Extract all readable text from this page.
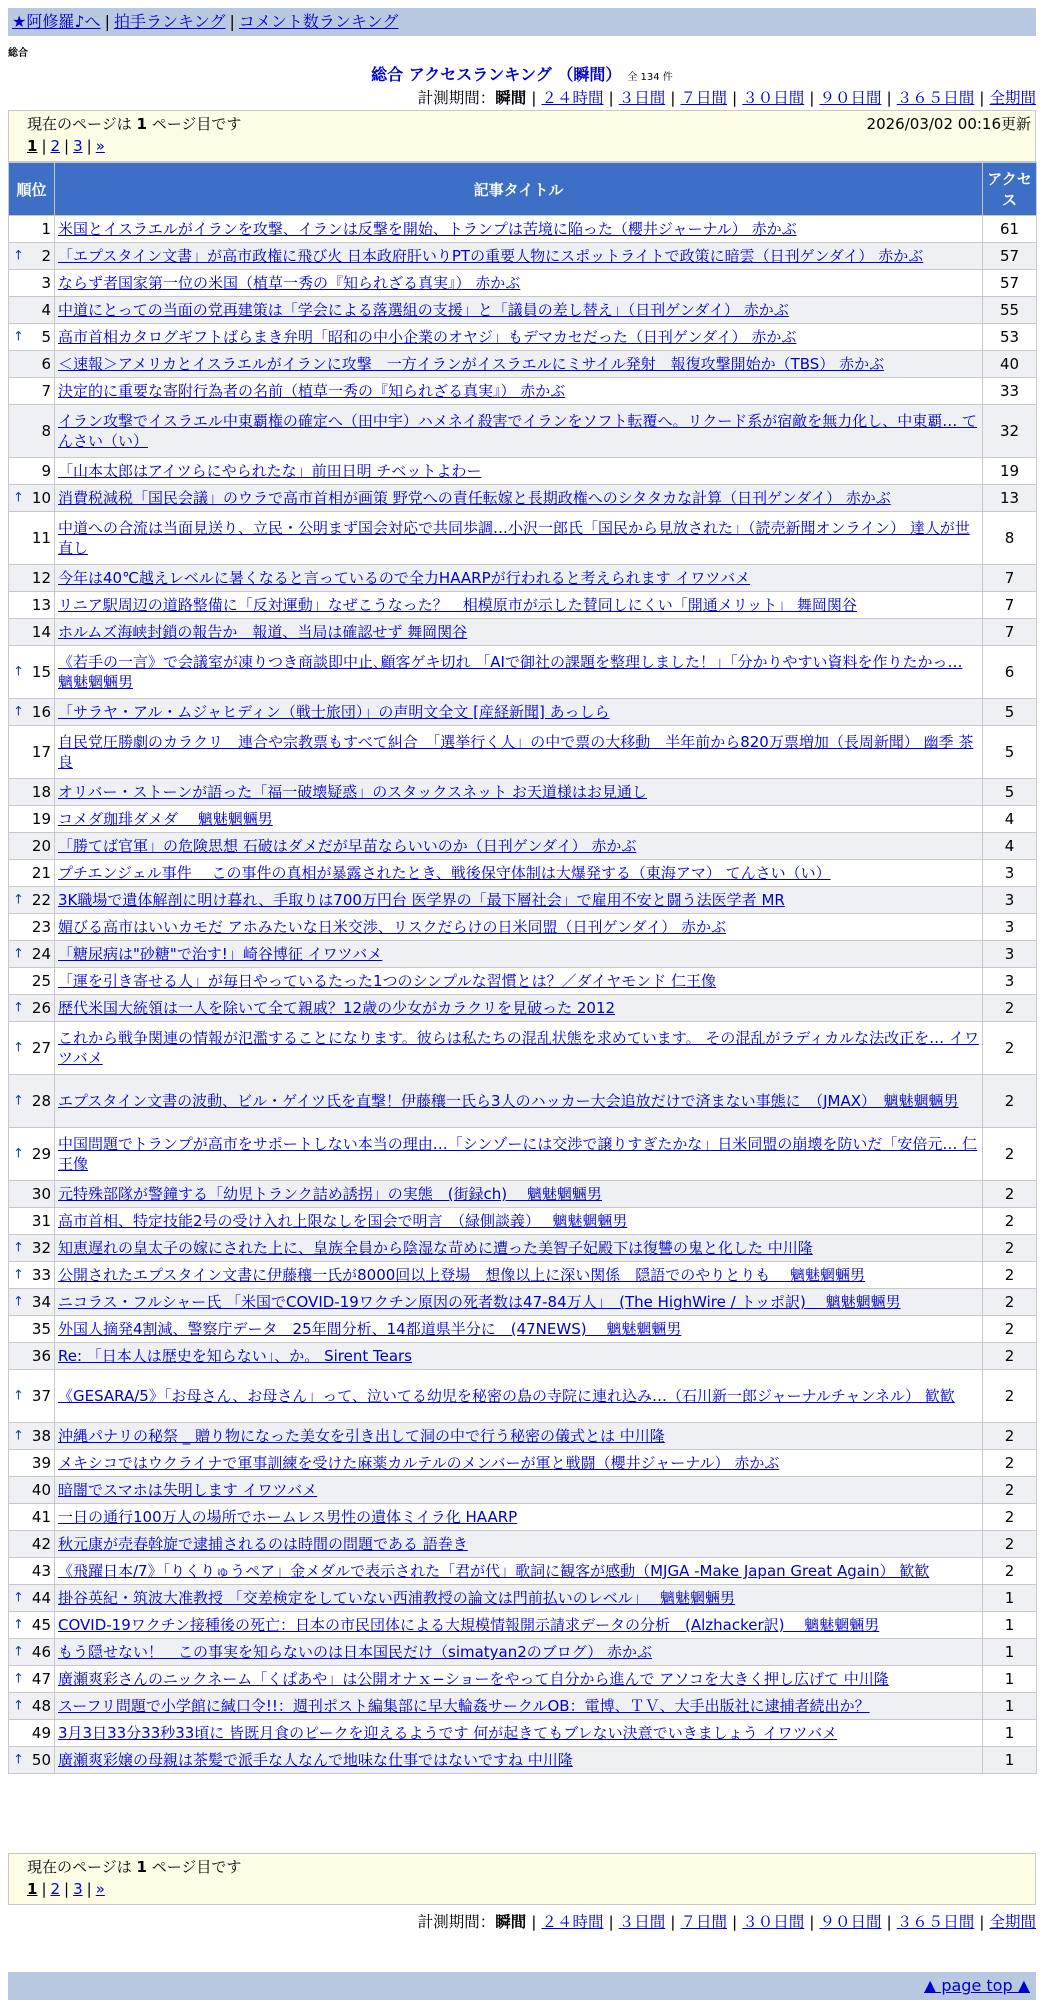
★阿修羅♪へ | 拍手ランキング | コメント数ランキング
総合
総合 アクセスランキング （瞬間） 全 134 件
計測期間：瞬間 | ２４時間 | ３日間 | ７日間 | ３０日間 | ９０日間 | ３６５日間 | 全期間
現在のページは 1 ページ目です	2026/03/02 00:16更新
1 | 2 | 3 | »
順位	記事タイトル	アクセス
1	米国とイスラエルがイランを攻撃、イランは反撃を開始、トランプは苦境に陥った（櫻井ジャーナル） 赤かぶ	61

↑ 2	「エプスタイン文書」が高市政権に飛び火 日本政府肝いりPTの重要人物にスポットライトで政策に暗雲（日刊ゲンダイ） 赤かぶ	57
3	ならず者国家第一位の米国（植草一秀の『知られざる真実』） 赤かぶ	57
4	中道にとっての当面の党再建策は「学会による落選組の支援」と「議員の差し替え」（日刊ゲンダイ） 赤かぶ	55

↑ 5	高市首相カタログギフトばらまき弁明「昭和の中小企業のオヤジ」もデマカセだった（日刊ゲンダイ） 赤かぶ	53
6	＜速報＞アメリカとイスラエルがイランに攻撃　一方イランがイスラエルにミサイル発射　報復攻撃開始か（TBS） 赤かぶ	40
7	決定的に重要な寄附行為者の名前（植草一秀の『知られざる真実』） 赤かぶ	33
8	イラン攻撃でイスラエル中東覇権の確定へ（田中宇）ハメネイ殺害でイランをソフト転覆へ。リクード系が宿敵を無力化し、中東覇… てんさい（い）	32
9	「山本太郎はアイツらにやられたな」前田日明 チベットよわー	19

↑ 10	消費税減税「国民会議」のウラで高市首相が画策 野党への責任転嫁と長期政権へのシタタカな計算（日刊ゲンダイ） 赤かぶ	13
11	中道への合流は当面見送り、立民・公明まず国会対応で共同歩調…小沢一郎氏「国民から見放された」（読売新聞オンライン） 達人が世直し	8
12	今年は40℃越えレベルに暑くなると言っているので全力HAARPが行われると考えられます イワツバメ	7
13	リニア駅周辺の道路整備に「反対運動」なぜこうなった？　相模原市が示した賛同しにくい「開通メリット」 舞岡関谷	7
14	ホルムズ海峡封鎖の報告か　報道、当局は確認せず 舞岡関谷	7

↑ 15	《若手の一言》で会議室が凍りつき商談即中止､顧客ゲキ切れ 「AIで御社の課題を整理しました！｣「分かりやすい資料を作りたかっ… 魑魅魍魎男	6

↑ 16	「サラヤ・アル・ムジャヒディン（戦士旅団）」の声明文全文 [産経新聞] あっしら	5
17	自民党圧勝劇のカラクリ　連合や宗教票もすべて糾合　「選挙行く人」の中で票の大移動　半年前から820万票増加（長周新聞） 幽季 茶良	5
18	オリバー・ストーンが語った「福一破壊疑惑」のスタックスネット お天道様はお見通し	5
19	コメダ珈琲ダメダ　 魑魅魍魎男	4
20	「勝てば官軍」の危険思想 石破はダメだが早苗ならいいのか（日刊ゲンダイ） 赤かぶ	4
21	プチエンジェル事件　 この事件の真相が暴露されたとき、戦後保守体制は大爆発する（東海アマ） てんさい（い）	3

↑ 22	3K職場で遺体解剖に明け暮れ、手取りは700万円台 医学界の「最下層社会」で雇用不安と闘う法医学者 MR	3
23	媚びる高市はいいカモだ アホみたいな日米交渉、リスクだらけの日米同盟（日刊ゲンダイ） 赤かぶ	3

↑ 24	「糖尿病は"砂糖"で治す!」崎谷博征 イワツバメ	3
25	「運を引き寄せる人」が毎日やっているたった1つのシンプルな習慣とは？／ダイヤモンド 仁王像	3

↑ 26	歴代米国大統領は一人を除いて全て親戚？12歳の少女がカラクリを見破った 2012	2

↑ 27	これから戦争関連の情報が氾濫することになります。彼らは私たちの混乱状態を求めています。 その混乱がラディカルな法改正を… イワツバメ	2

↑ 28	エプスタイン文書の波動、ビル・ゲイツ氏を直撃！伊藤穰一氏ら3人のハッカー大会追放だけで済まない事態に　（JMAX）　魑魅魍魎男	2

↑ 29	中国問題でトランプが高市をサポートしない本当の理由…「シンゾーには交渉で譲りすぎたかな」日米同盟の崩壊を防いだ「安倍元… 仁王像	2
30	元特殊部隊が警鐘する「幼児トランク詰め誘拐」の実態　(街録ch)　 魑魅魍魎男	2
31	高市首相、特定技能2号の受け入れ上限なしを国会で明言　（緑側談義）　 魑魅魍魎男	2

↑ 32	知恵遅れの皇太子の嫁にされた上に、皇族全員から陰湿な苛めに遭った美智子妃殿下は復讐の鬼と化した 中川隆	2

↑ 33	公開されたエプスタイン文書に伊藤穰一氏が8000回以上登場　想像以上に深い関係　隠語でのやりとりも　 魑魅魍魎男	2

↑ 34	ニコラス・フルシャー氏 「米国でCOVID-19ワクチン原因の死者数は47-84万人」　(The HighWire / トッポ訳)　 魑魅魍魎男	2
35	外国人摘発4割減、警察庁データ　25年間分析、14都道県半分に　(47NEWS)　 魑魅魍魎男	2
36	Re: 「日本人は歴史を知らない」、か。 Sirent Tears	2

↑ 37	《GESARA/5》「お母さん、お母さん」って、泣いてる幼児を秘密の島の寺院に連れ込み…（石川新一郎ジャーナルチャンネル） 歓歓	2

↑ 38	沖縄パナリの秘祭 _ 贈り物になった美女を引き出して洞の中で行う秘密の儀式とは 中川隆	2
39	メキシコではウクライナで軍事訓練を受けた麻薬カルテルのメンバーが軍と戦闘（櫻井ジャーナル） 赤かぶ	2
40	暗闇でスマホは失明します イワツバメ	2
41	一日の通行100万人の場所でホームレス男性の遺体ミイラ化 HAARP	2
42	秋元康が売春斡旋で逮捕されるのは時間の問題である 語巻き	2
43	《飛躍日本/7》「りくりゅうペア」金メダルで表示された「君が代」歌詞に観客が感動（MJGA -Make Japan Great Again） 歓歓	2

↑ 44	掛谷英紀・筑波大准教授 「交差検定をしていない西浦教授の論文は門前払いのレベル」　 魑魅魍魎男	1

↑ 45	COVID-19ワクチン接種後の死亡：日本の市民団体による大規模情報開示請求データの分析　(Alzhacker訳)　 魑魅魍魎男	1

↑ 46	もう隠せない！　この事実を知らないのは日本国民だけ（simatyan2のブログ） 赤かぶ	1

↑ 47	廣瀬爽彩さんのニックネーム「くぱあや」は公開オナｘ−ショーをやって自分から進んで アソコを大きく押し広げて 中川隆	1

↑ 48	スーフリ問題で小学館に緘口令!!：週刊ポスト編集部に早大輪姦サークルOB：電博、ＴＶ、大手出版社に逮捕者続出か？	1
49	3月3日33分33秒33頃に 皆既月食のピークを迎えるようです 何が起きてもブレない決意でいきましょう イワツバメ	1

↑ 50	廣瀬爽彩嬢の母親は茶髪で派手な人なんで地味な仕事ではないですね 中川隆	1
現在のページは 1 ページ目です
1 | 2 | 3 | »
計測期間：瞬間 | ２４時間 | ３日間 | ７日間 | ３０日間 | ９０日間 | ３６５日間 | 全期間
▲ page top ▲
